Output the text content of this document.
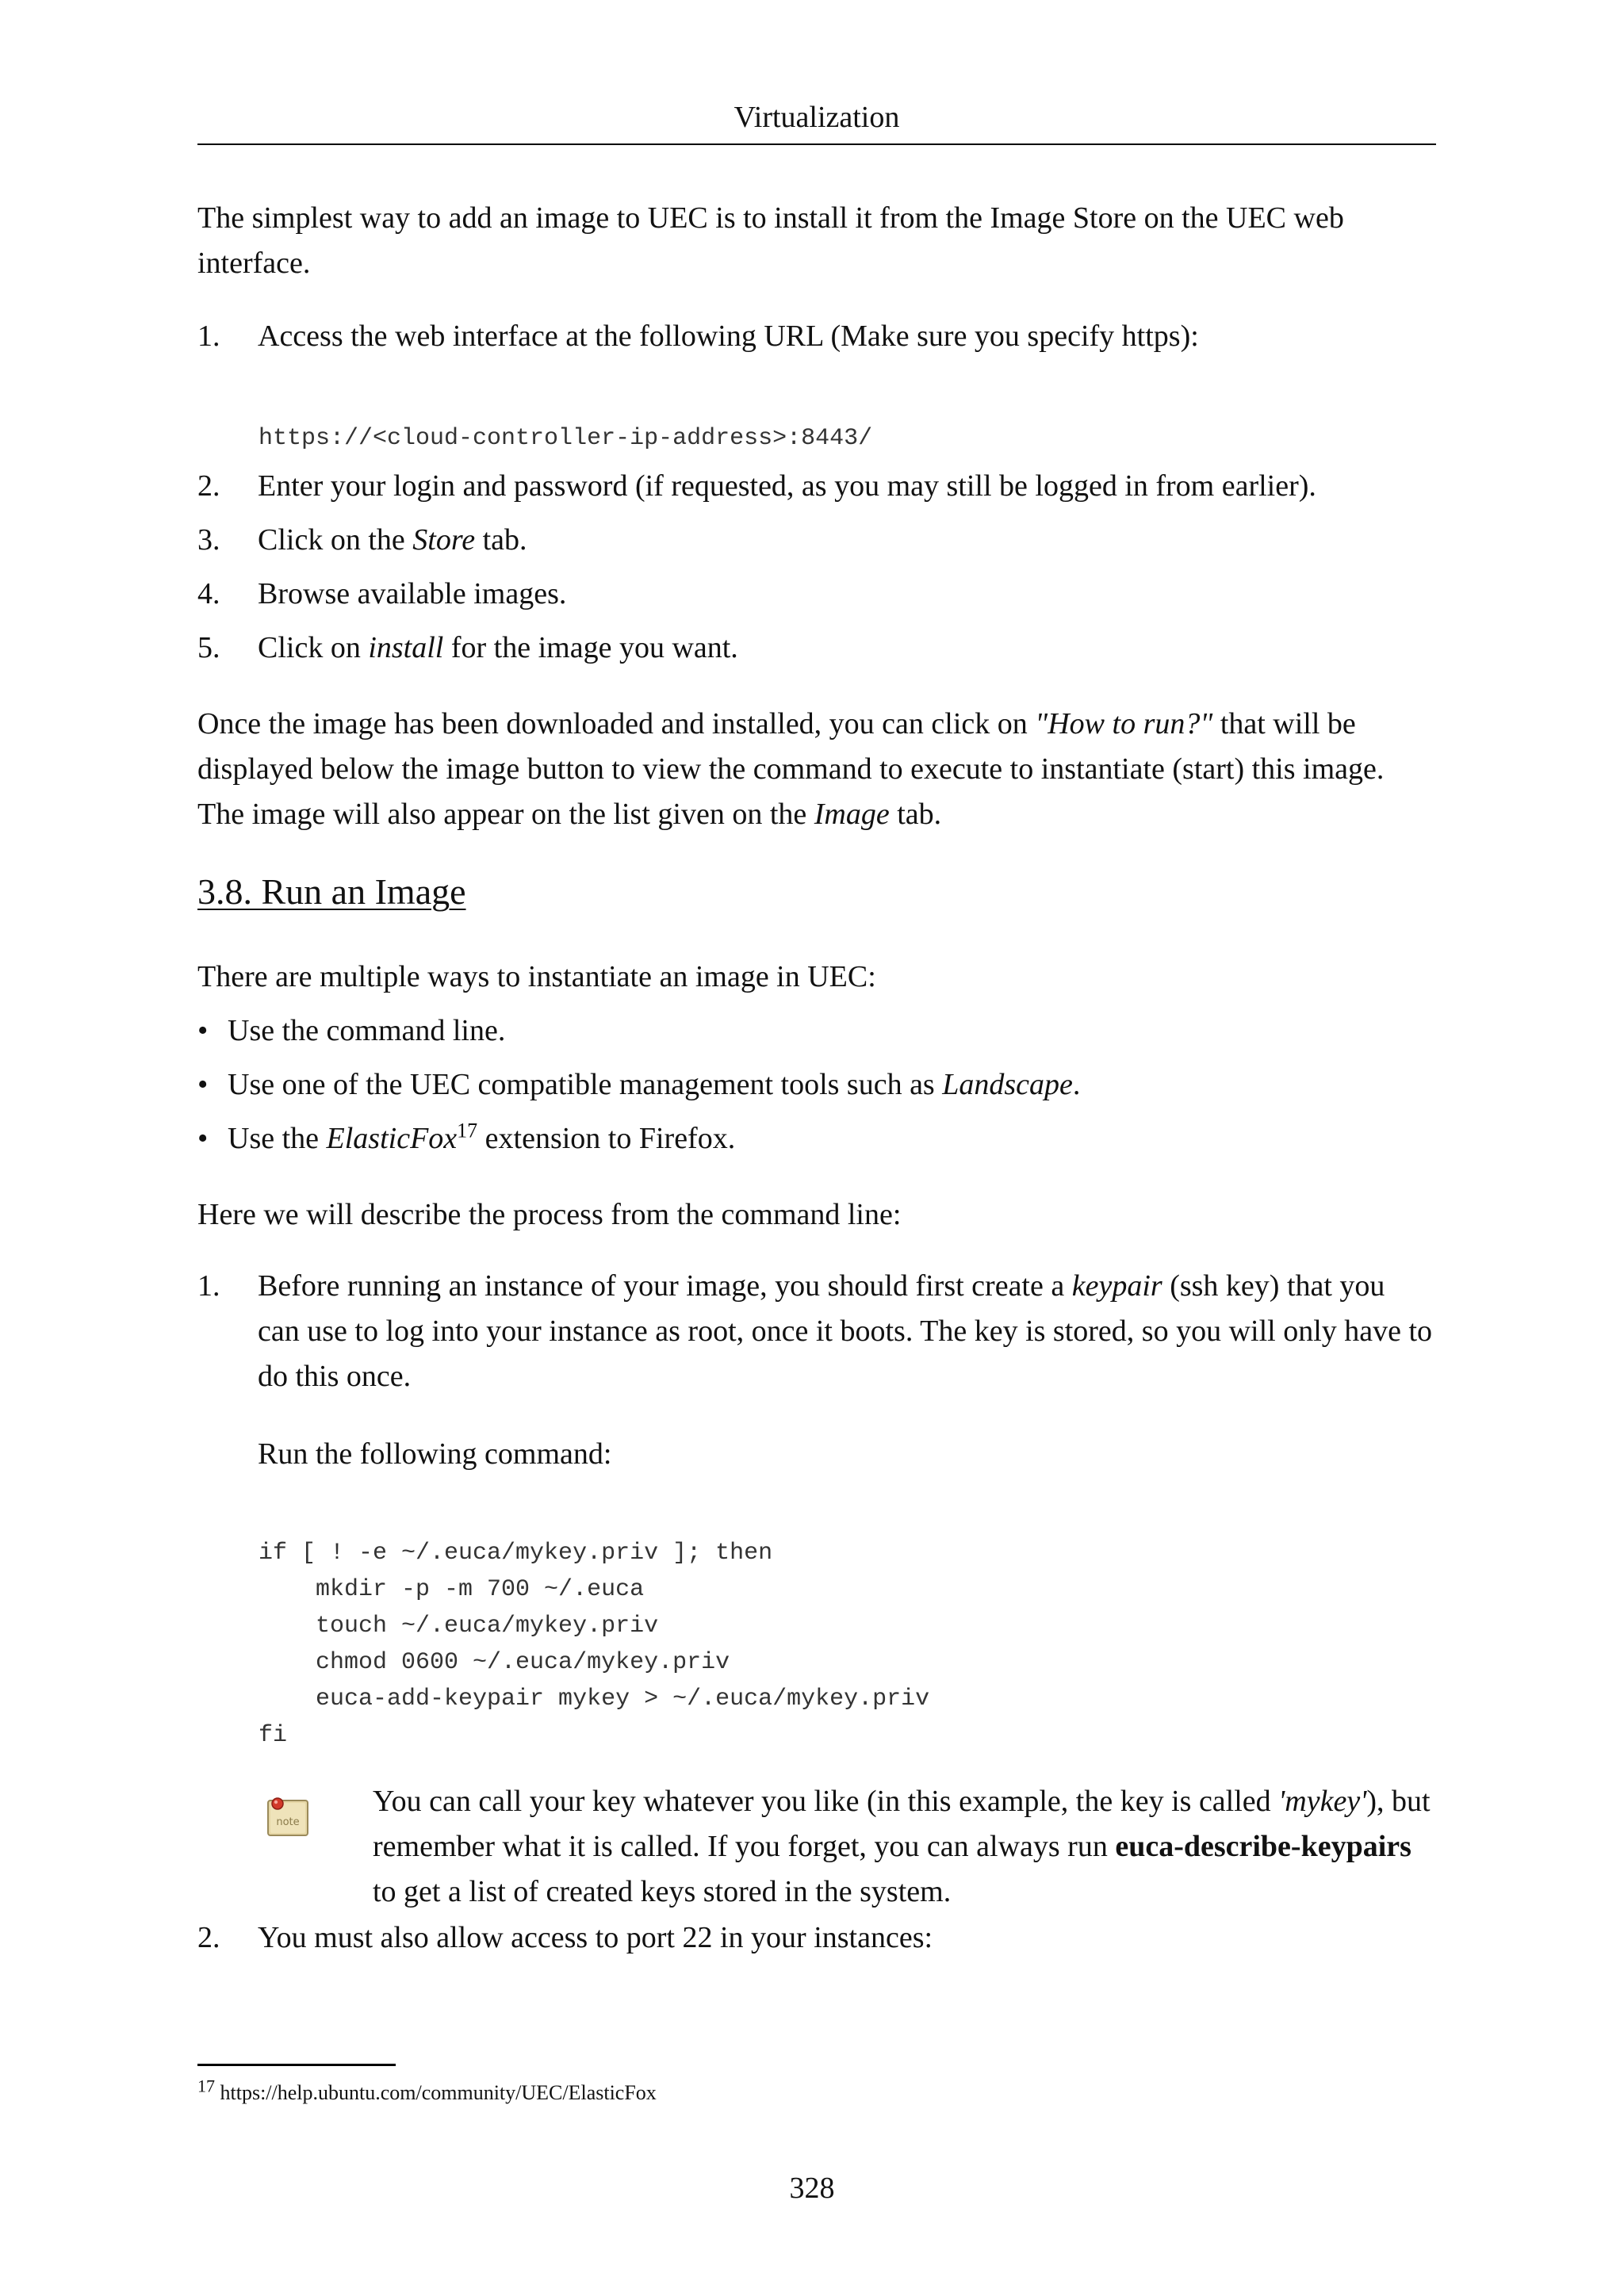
Virtualization

The simplest way to add an image to UEC is to install it from the Image Store on the UEC web
interface.

1. Access the web interface at the following URL (Make sure you specify https):
https://<cloud-controller-ip-address>:8443/
2. Enter your login and password (if requested, as you may still be logged in from earlier).
3. Click on the Store tab.
4. Browse available images.
5. Click on install for the image you want.

Once the image has been downloaded and installed, you can click on "How to run?" that will be
displayed below the image button to view the command to execute to instantiate (start) this image.
The image will also appear on the list given on the Image tab.

3.8. Run an Image

There are multiple ways to instantiate an image in UEC:

• Use the command line.
• Use one of the UEC compatible management tools such as Landscape.
• Use the ElasticFox$^{17}$ extension to Firefox.

Here we will describe the process from the command line:

1. Before running an instance of your image, you should first create a keypair (ssh key) that you
can use to log into your instance as root, once it boots. The key is stored, so you will only have to
do this once.
Run the following command:
if [ ! -e ~/.euca/mykey.priv ]; then
mkdir -p -m 700 ~/.euca
touch ~/.euca/mykey.priv
chmod 0600 ~/.euca/mykey.priv
euca-add-keypair mykey > ~/.euca/mykey.priv
fi
note
You can call your key whatever you like (in this example, the key is called 'mykey'), but
remember what it is called. If you forget, you can always run euca-describe-keypairs
to get a list of created keys stored in the system.
2. You must also allow access to port 22 in your instances:
$^{17}$ https://help.ubuntu.com/community/UEC/ElasticFox
328
